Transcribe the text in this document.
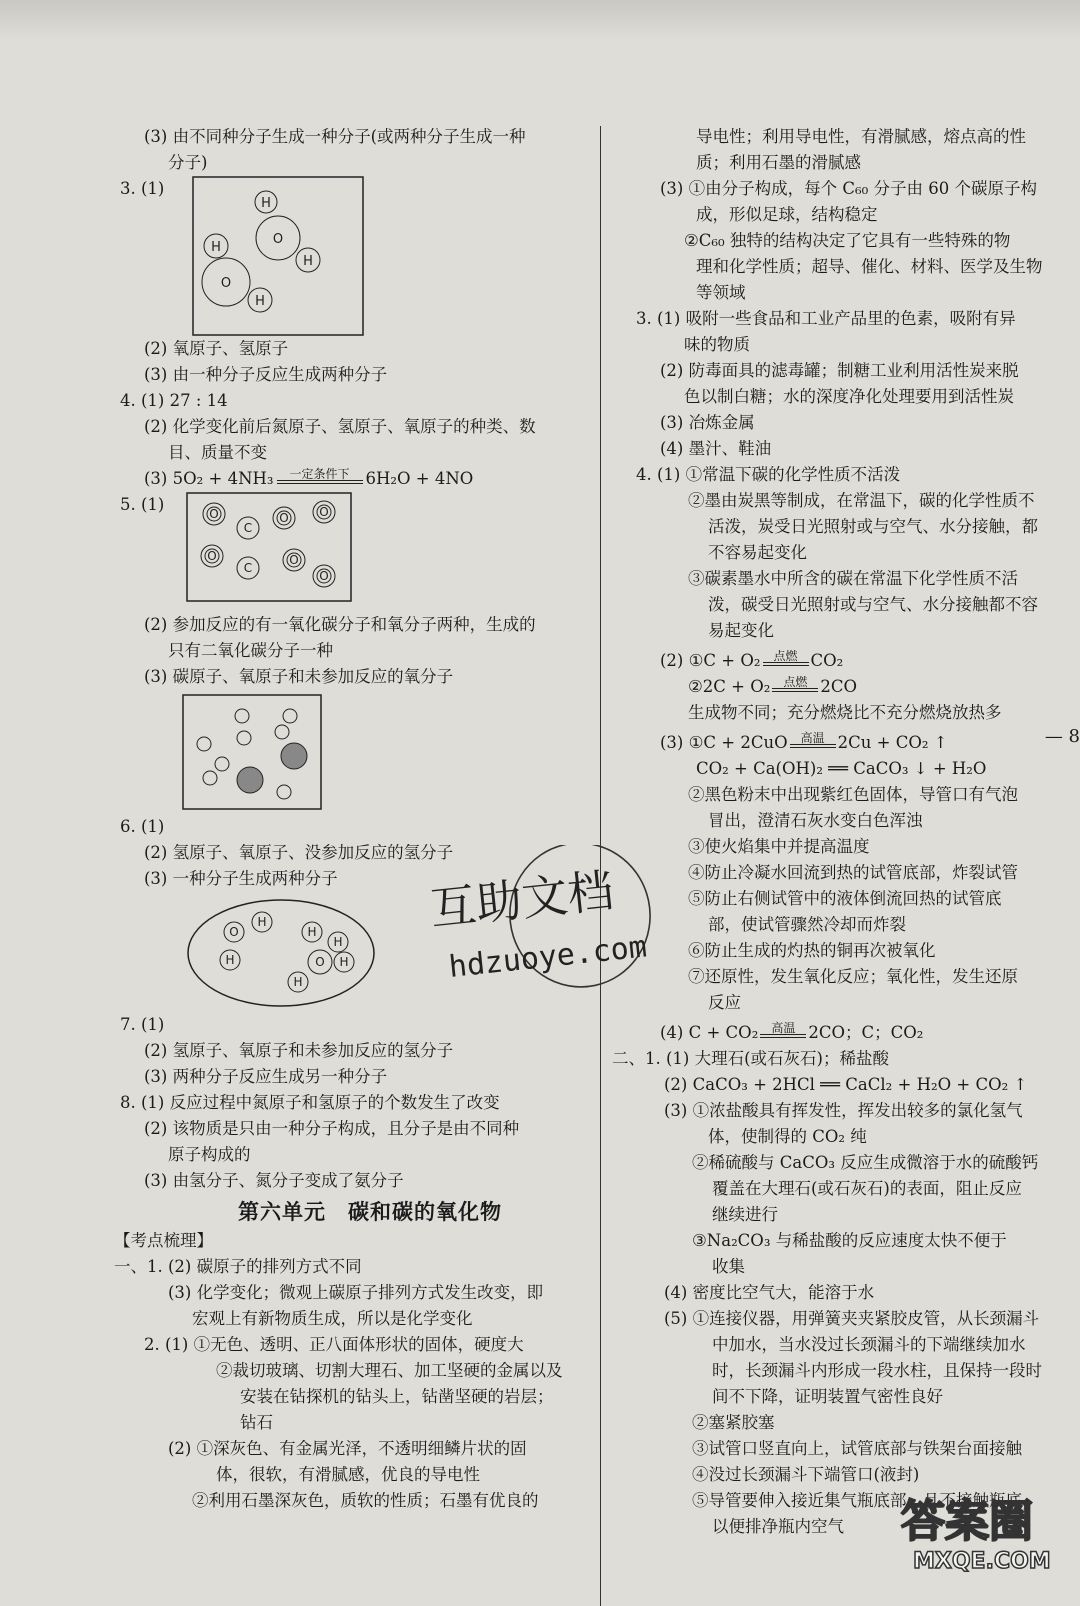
(3) 由不同种分子生成一种分子(或两种分子生成一种
分子)
3. (1)
H
O
H
H
O
H
(2) 氧原子、氢原子
(3) 由一种分子反应生成两种分子
4. (1) 27 : 14
(2) 化学变化前后氮原子、氢原子、氧原子的种类、数
目、质量不变
(3) 5O₂ + 4NH₃ 一定条件下 6H₂O + 4NO
5. (1)	O
C
O	O
O
C
O
O
(2) 参加反应的有一氧化碳分子和氧分子两种，生成的
只有二氧化碳分子一种
(3) 碳原子、氧原子和未参加反应的氧分子
6. (1)
(2) 氢原子、氧原子、没参加反应的氢分子
(3) 一种分子生成两种分子
O
H
H
H
H
O
H
H
7. (1)
(2) 氢原子、氧原子和未参加反应的氢分子
(3) 两种分子反应生成另一种分子
8. (1) 反应过程中氮原子和氢原子的个数发生了改变
(2) 该物质是只由一种分子构成，且分子是由不同种
原子构成的
(3) 由氢分子、氮分子变成了氨分子
第六单元　碳和碳的氧化物
【考点梳理】
一、1. (2) 碳原子的排列方式不同
(3) 化学变化；微观上碳原子排列方式发生改变，即
宏观上有新物质生成，所以是化学变化
2. (1) ①无色、透明、正八面体形状的固体，硬度大
②裁切玻璃、切割大理石、加工坚硬的金属以及
安装在钻探机的钻头上，钻凿坚硬的岩层；
钻石
(2) ①深灰色、有金属光泽，不透明细鳞片状的固
体，很软，有滑腻感，优良的导电性
②利用石墨深灰色，质软的性质；石墨有优良的
导电性；利用导电性，有滑腻感，熔点高的性
质；利用石墨的滑腻感
(3) ①由分子构成，每个 C₆₀ 分子由 60 个碳原子构
成，形似足球，结构稳定
②C₆₀ 独特的结构决定了它具有一些特殊的物
理和化学性质；超导、催化、材料、医学及生物
等领域
3. (1) 吸附一些食品和工业产品里的色素，吸附有异
味的物质
(2) 防毒面具的滤毒罐；制糖工业利用活性炭来脱
色以制白糖；水的深度净化处理要用到活性炭
(3) 冶炼金属
(4) 墨汁、鞋油
4. (1) ①常温下碳的化学性质不活泼
②墨由炭黑等制成，在常温下，碳的化学性质不
活泼，炭受日光照射或与空气、水分接触，都
不容易起变化
③碳素墨水中所含的碳在常温下化学性质不活
泼，碳受日光照射或与空气、水分接触都不容
易起变化
(2) ①C + O₂ 点燃 CO₂
②2C + O₂ 点燃 2CO
生成物不同；充分燃烧比不充分燃烧放热多
(3) ①C + 2CuO 高温 2Cu + CO₂ ↑
CO₂ + Ca(OH)₂ ══ CaCO₃ ↓ + H₂O
②黑色粉末中出现紫红色固体，导管口有气泡
冒出，澄清石灰水变白色浑浊
③使火焰集中并提高温度
④防止冷凝水回流到热的试管底部，炸裂试管
⑤防止右侧试管中的液体倒流回热的试管底
部，使试管骤然冷却而炸裂
⑥防止生成的灼热的铜再次被氧化
⑦还原性，发生氧化反应；氧化性，发生还原
反应
(4) C + CO₂ 高温 2CO；C；CO₂
二、1. (1) 大理石(或石灰石)；稀盐酸
(2) CaCO₃ + 2HCl ══ CaCl₂ + H₂O + CO₂ ↑
(3) ①浓盐酸具有挥发性，挥发出较多的氯化氢气
体，使制得的 CO₂ 纯
②稀硫酸与 CaCO₃ 反应生成微溶于水的硫酸钙
覆盖在大理石(或石灰石)的表面，阻止反应
继续进行
③Na₂CO₃ 与稀盐酸的反应速度太快不便于
收集
(4) 密度比空气大，能溶于水
(5) ①连接仪器，用弹簧夹夹紧胶皮管，从长颈漏斗
中加水，当水没过长颈漏斗的下端继续加水
时，长颈漏斗内形成一段水柱，且保持一段时
间不下降，证明装置气密性良好
②塞紧胶塞
③试管口竖直向上，试管底部与铁架台面接触
④没过长颈漏斗下端管口(液封)
⑤导管要伸入接近集气瓶底部，且不接触瓶底，
以便排净瓶内空气
— 8
互助文档
hdzuoye.com
答案圈
MXQE.COM
